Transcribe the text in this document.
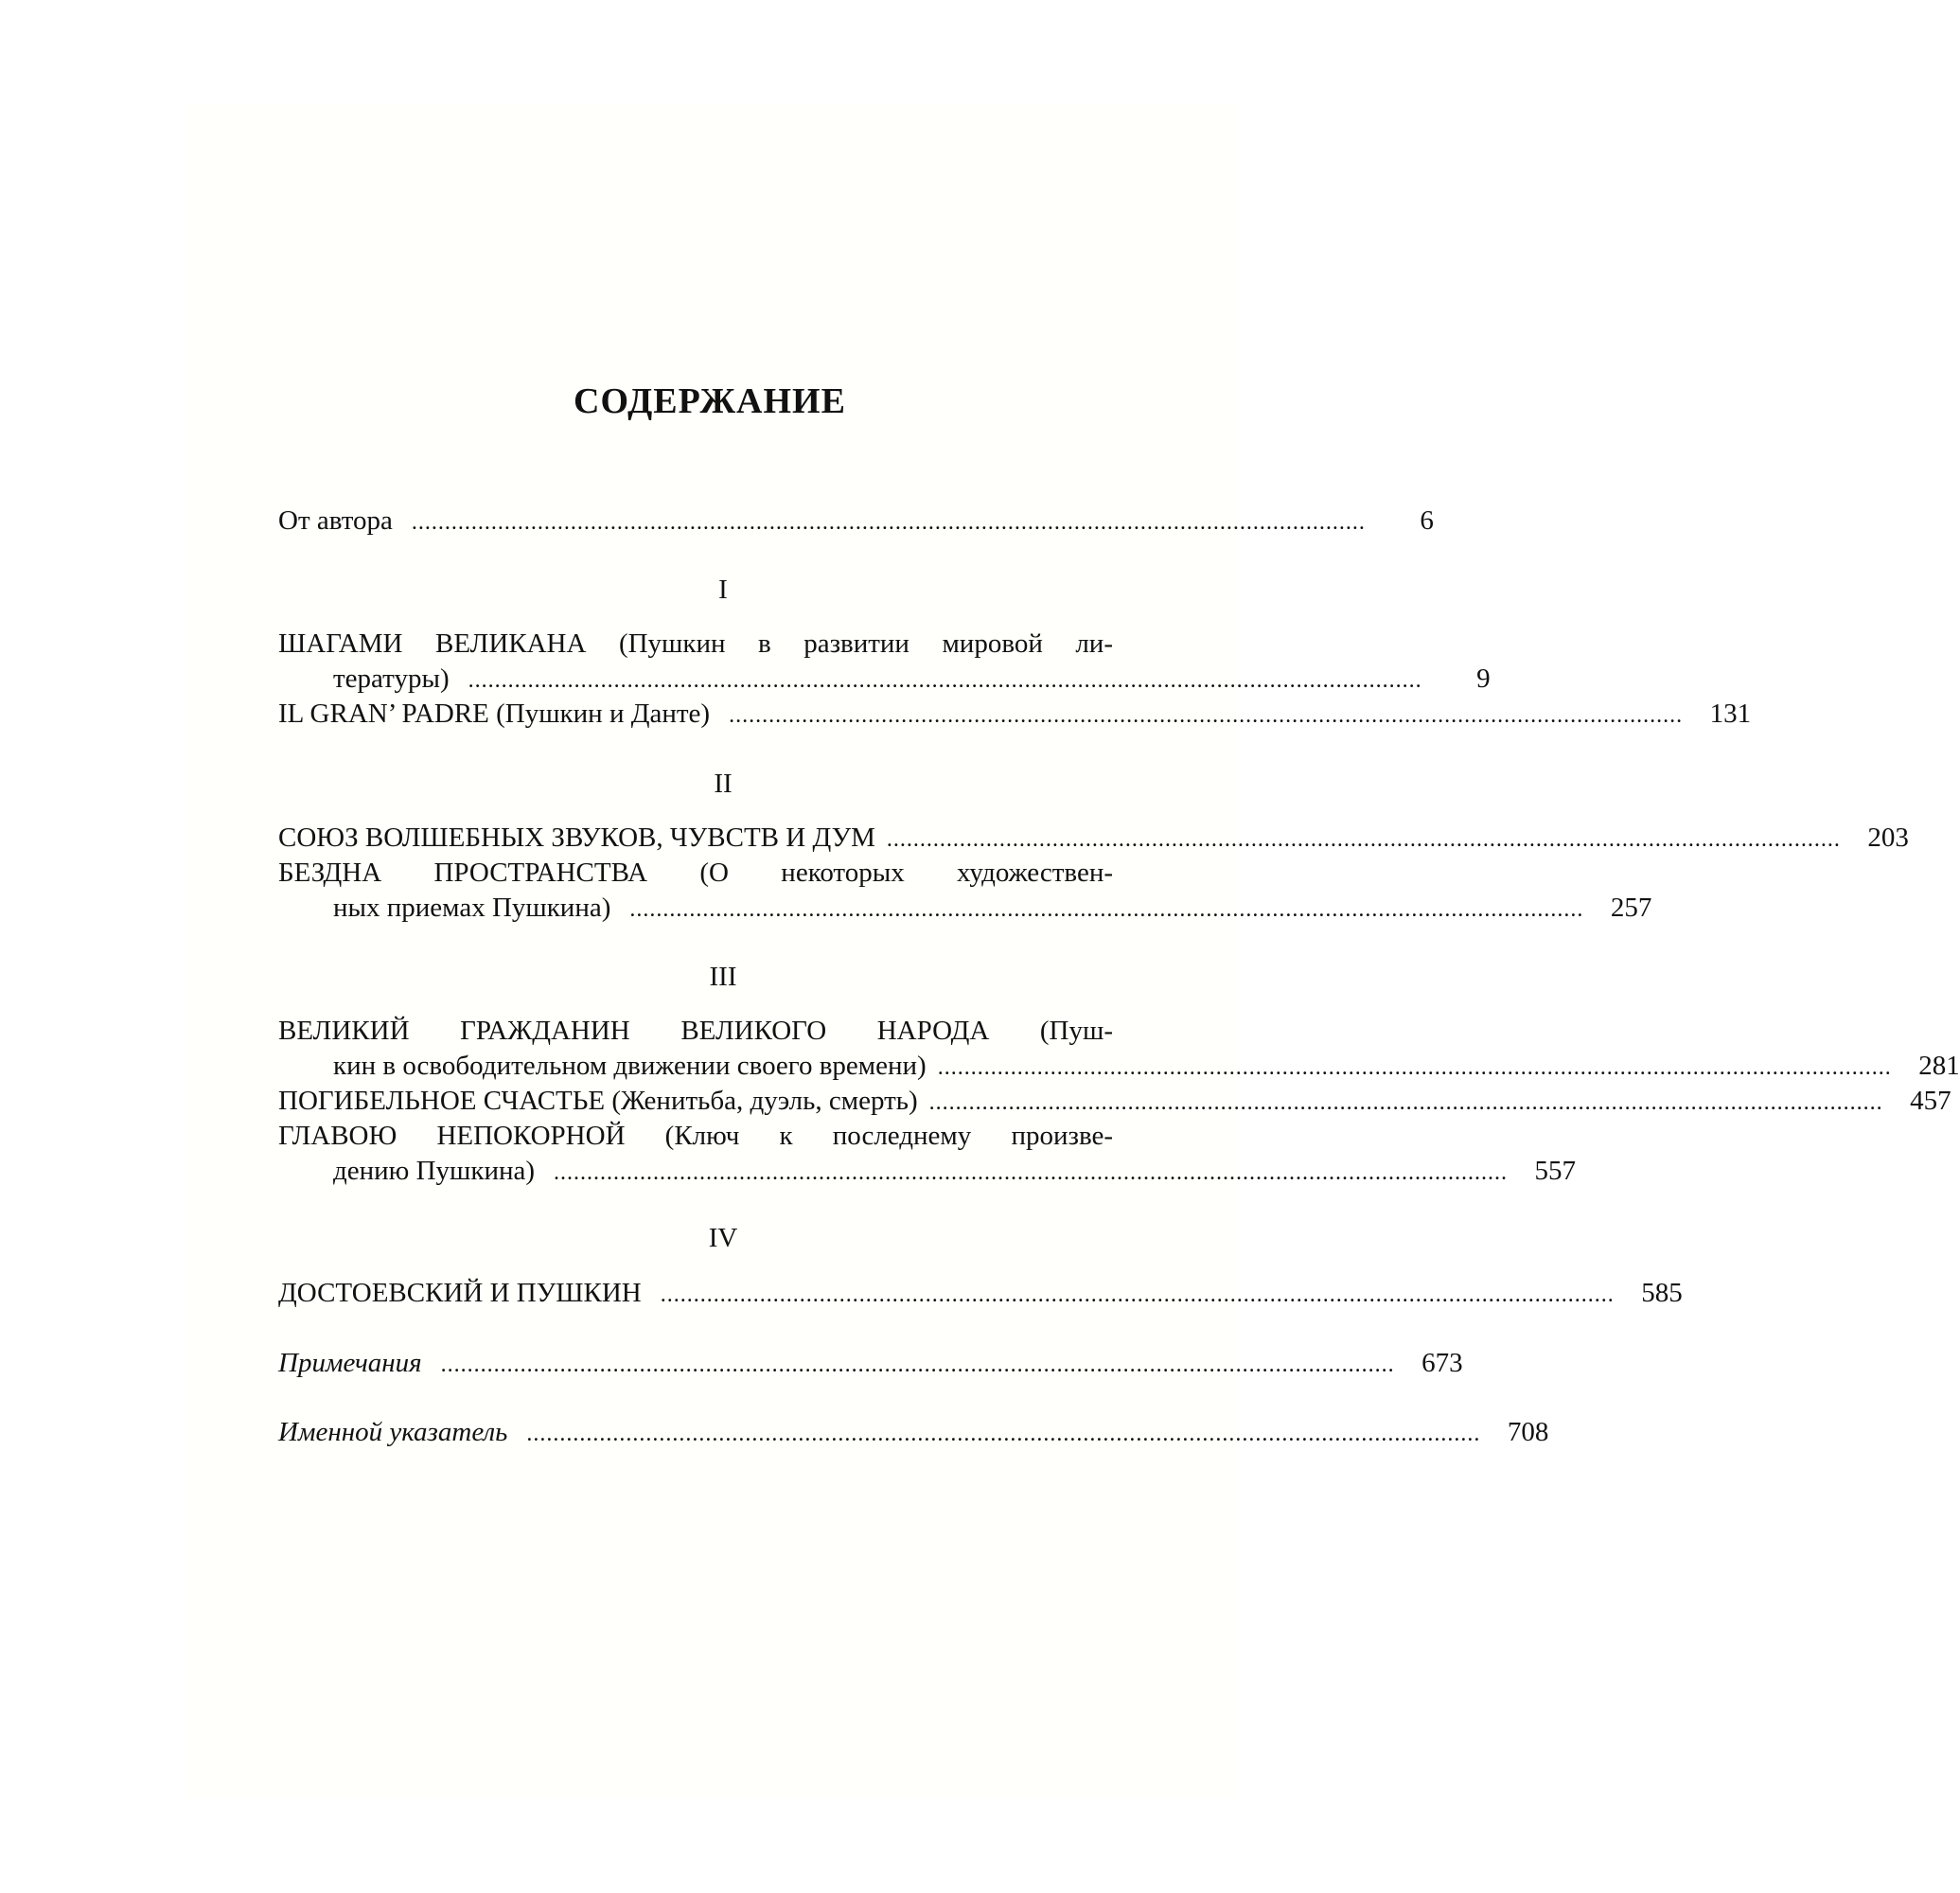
СОДЕРЖАНИЕ
От автора ................................................................................................................................................	6
I
ШАГАМИ ВЕЛИКАНА (Пушкин в развитии мировой ли-
тературы) ................................................................................................................................................	9
IL GRAN’ PADRE (Пушкин и Данте) ................................................................................................................................................ 131
II
СОЮЗ ВОЛШЕБНЫХ ЗВУКОВ, ЧУВСТВ И ДУМ ................................................................................................................................................ 203
БЕЗДНА ПРОСТРАНСТВА (О некоторых художествен-
ных приемах Пушкина) ................................................................................................................................................ 257
III
ВЕЛИКИЙ ГРАЖДАНИН ВЕЛИКОГО НАРОДА (Пуш-
кин в освободительном движении своего времени) ................................................................................................................................................ 281
ПОГИБЕЛЬНОЕ СЧАСТЬЕ (Женитьба, дуэль, смерть) ................................................................................................................................................ 457
ГЛАВОЮ НЕПОКОРНОЙ (Ключ к последнему произве-
дению Пушкина) ................................................................................................................................................ 557
IV
ДОСТОЕВСКИЙ И ПУШКИН ................................................................................................................................................ 585
Примечания ................................................................................................................................................ 673
Именной указатель ................................................................................................................................................ 708
